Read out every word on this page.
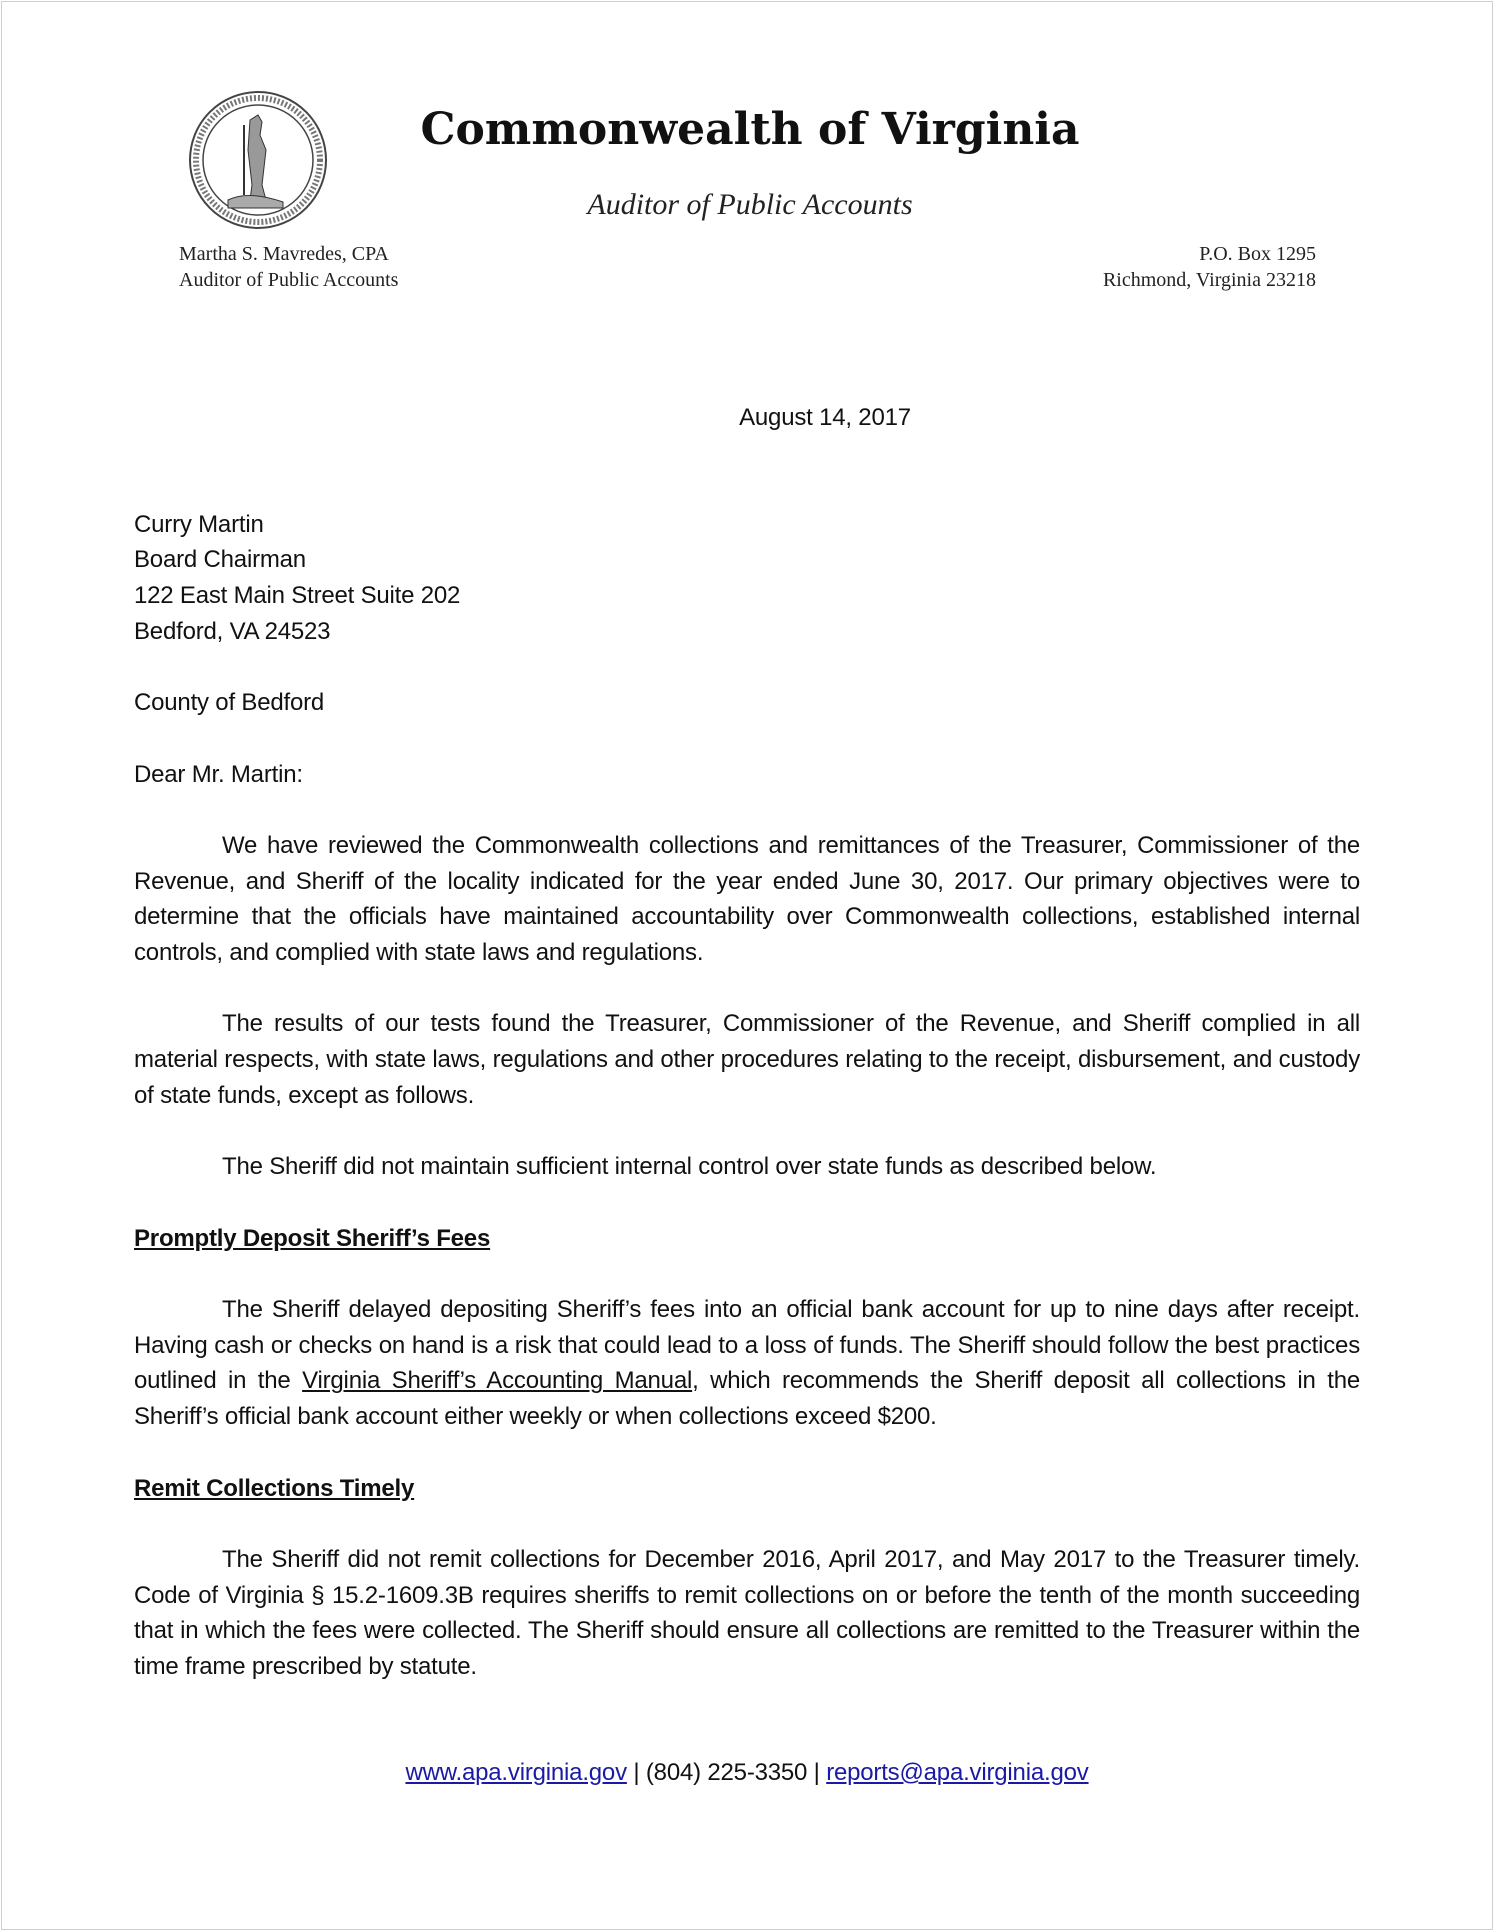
Commonwealth of Virginia
Auditor of Public Accounts
Martha S. Mavredes, CPA
Auditor of Public Accounts
P.O. Box 1295
Richmond, Virginia 23218
August 14, 2017
Curry Martin
Board Chairman
122 East Main Street Suite 202
Bedford, VA 24523
County of Bedford
Dear Mr. Martin:

We have reviewed the Commonwealth collections and remittances of the Treasurer, Commissioner of the Revenue, and Sheriff of the locality indicated for the year ended June 30, 2017. Our primary objectives were to determine that the officials have maintained accountability over Commonwealth collections, established internal controls, and complied with state laws and regulations.

The results of our tests found the Treasurer, Commissioner of the Revenue, and Sheriff complied in all material respects, with state laws, regulations and other procedures relating to the receipt, disbursement, and custody of state funds, except as follows.

The Sheriff did not maintain sufficient internal control over state funds as described below.

Promptly Deposit Sheriff’s Fees

The Sheriff delayed depositing Sheriff’s fees into an official bank account for up to nine days after receipt. Having cash or checks on hand is a risk that could lead to a loss of funds. The Sheriff should follow the best practices outlined in the Virginia Sheriff’s Accounting Manual, which recommends the Sheriff deposit all collections in the Sheriff’s official bank account either weekly or when collections exceed $200.

Remit Collections Timely

The Sheriff did not remit collections for December 2016, April 2017, and May 2017 to the Treasurer timely. Code of Virginia § 15.2-1609.3B requires sheriffs to remit collections on or before the tenth of the month succeeding that in which the fees were collected. The Sheriff should ensure all collections are remitted to the Treasurer within the time frame prescribed by statute.

www.apa.virginia.gov | (804) 225-3350 | reports@apa.virginia.gov
